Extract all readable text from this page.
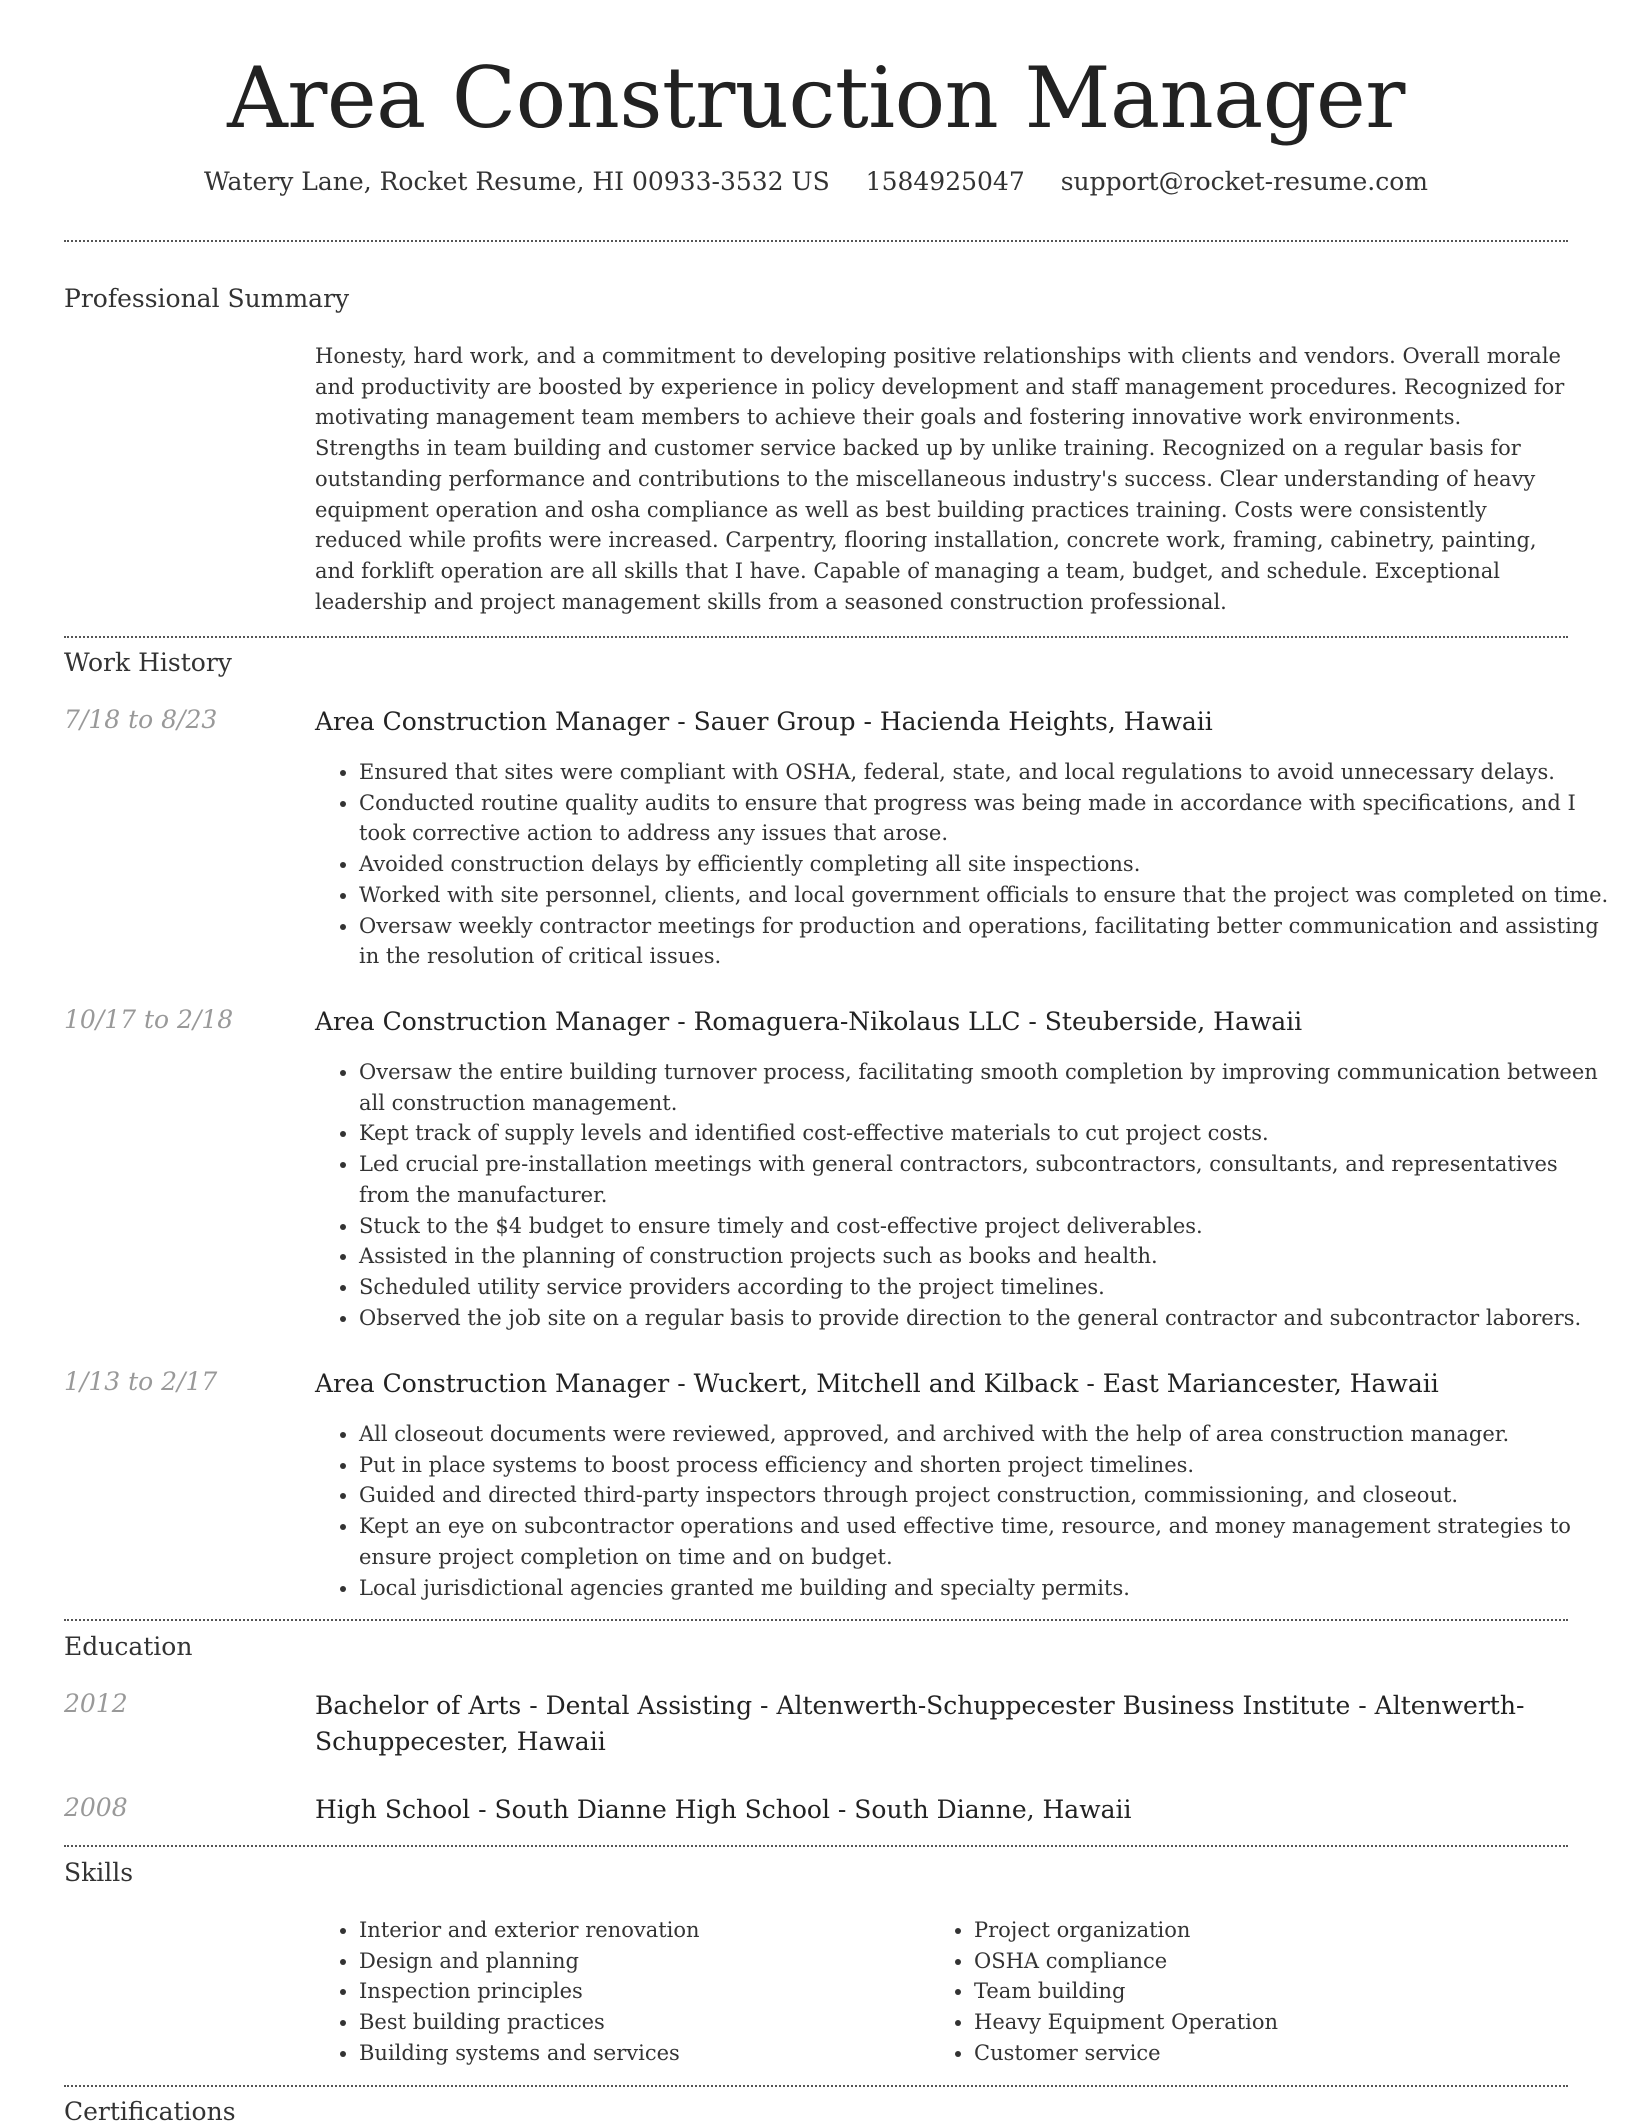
Area Construction Manager
Watery Lane, Rocket Resume, HI 00933-3532 US 1584925047 support@rocket-resume.com
Professional Summary

Honesty, hard work, and a commitment to developing positive relationships with clients and vendors. Overall morale and productivity are boosted by experience in policy development and staff management procedures. Recognized for motivating management team members to achieve their goals and fostering innovative work environments. Strengths in team building and customer service backed up by unlike training. Recognized on a regular basis for outstanding performance and contributions to the miscellaneous industry's success. Clear understanding of heavy equipment operation and osha compliance as well as best building practices training. Costs were consistently reduced while profits were increased. Carpentry, flooring installation, concrete work, framing, cabinetry, painting, and forklift operation are all skills that I have. Capable of managing a team, budget, and schedule. Exceptional leadership and project management skills from a seasoned construction professional.

Work History
7/18 to 8/23	Area Construction Manager - Sauer Group - Hacienda Heights, Hawaii
• Ensured that sites were compliant with OSHA, federal, state, and local regulations to avoid unnecessary delays.
• Conducted routine quality audits to ensure that progress was being made in accordance with specifications, and I took corrective action to address any issues that arose.
• Avoided construction delays by efficiently completing all site inspections.
• Worked with site personnel, clients, and local government officials to ensure that the project was completed on time.
• Oversaw weekly contractor meetings for production and operations, facilitating better communication and assisting in the resolution of critical issues.
10/17 to 2/18	Area Construction Manager - Romaguera-Nikolaus LLC - Steuberside, Hawaii
• Oversaw the entire building turnover process, facilitating smooth completion by improving communication between all construction management.
• Kept track of supply levels and identified cost-effective materials to cut project costs.
• Led crucial pre-installation meetings with general contractors, subcontractors, consultants, and representatives from the manufacturer.
• Stuck to the $4 budget to ensure timely and cost-effective project deliverables.
• Assisted in the planning of construction projects such as books and health.
• Scheduled utility service providers according to the project timelines.
• Observed the job site on a regular basis to provide direction to the general contractor and subcontractor laborers.
1/13 to 2/17	Area Construction Manager - Wuckert, Mitchell and Kilback - East Mariancester, Hawaii
• All closeout documents were reviewed, approved, and archived with the help of area construction manager.
• Put in place systems to boost process efficiency and shorten project timelines.
• Guided and directed third-party inspectors through project construction, commissioning, and closeout.
• Kept an eye on subcontractor operations and used effective time, resource, and money management strategies to ensure project completion on time and on budget.
• Local jurisdictional agencies granted me building and specialty permits.
Education
2012	Bachelor of Arts - Dental Assisting - Altenwerth-Schuppecester Business Institute - Altenwerth-Schuppecester, Hawaii
2008	High School - South Dianne High School - South Dianne, Hawaii
Skills
• Interior and exterior renovation
• Design and planning
• Inspection principles
• Best building practices
• Building systems and services
• Project organization
• OSHA compliance
• Team building
• Heavy Equipment Operation
• Customer service
Certifications
